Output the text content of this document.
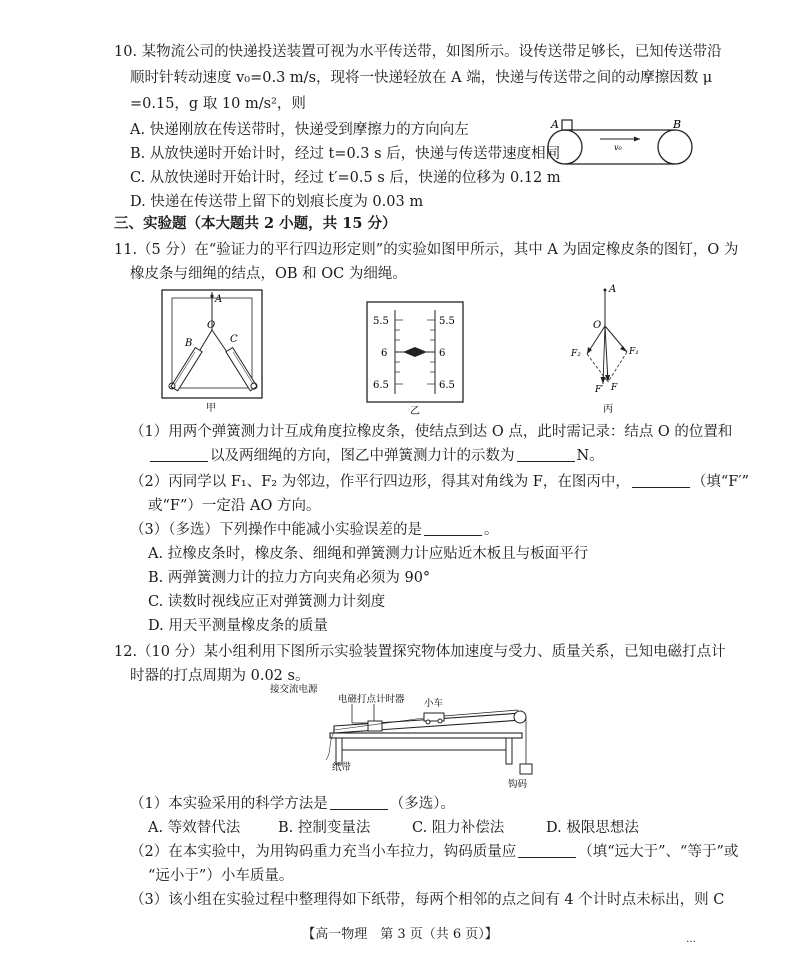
10. 某物流公司的快递投送装置可视为水平传送带，如图所示。设传送带足够长，已知传送带沿
顺时针转动速度 v₀=0.3 m/s，现将一快递轻放在 A 端，快递与传送带之间的动摩擦因数 μ
=0.15，g 取 10 m/s²，则
A. 快递刚放在传送带时，快递受到摩擦力的方向向左
B. 从放快递时开始计时，经过 t=0.3 s 后，快递与传送带速度相同
C. 从放快递时开始计时，经过 t′=0.5 s 后，快递的位移为 0.12 m
D. 快递在传送带上留下的划痕长度为 0.03 m
A	B
v₀
三、实验题（本大题共 2 小题，共 15 分）
11.（5 分）在“验证力的平行四边形定则”的实验如图甲所示，其中 A 为固定橡皮条的图钉，O 为
橡皮条与细绳的结点，OB 和 OC 为细绳。
A
O
B	C
甲
5.5	5.5
6	6
6.5	6.5
乙
A
O
F₂	F₁
F
F′
丙
（1）用两个弹簧测力计互成角度拉橡皮条，使结点到达 O 点，此时需记录：结点 O 的位置和
以及两细绳的方向，图乙中弹簧测力计的示数为	N。
（2）丙同学以 F₁、F₂ 为邻边，作平行四边形，得其对角线为 F，在图丙中，	（填“F′”
或“F”）一定沿 AO 方向。
（3）（多选）下列操作中能减小实验误差的是	。
A. 拉橡皮条时，橡皮条、细绳和弹簧测力计应贴近木板且与板面平行
B. 两弹簧测力计的拉力方向夹角必须为 90°
C. 读数时视线应正对弹簧测力计刻度
D. 用天平测量橡皮条的质量
12.（10 分）某小组利用下图所示实验装置探究物体加速度与受力、质量关系，已知电磁打点计
时器的打点周期为 0.02 s。
接交流电源
电磁打点计时器 小车
纸带
钩码
（1）本实验采用的科学方法是	（多选）。
A. 等效替代法	B. 控制变量法	C. 阻力补偿法	D. 极限思想法
（2）在本实验中，为用钩码重力充当小车拉力，钩码质量应	（填“远大于”、“等于”或
“远小于”）小车质量。
（3）该小组在实验过程中整理得如下纸带，每两个相邻的点之间有 4 个计时点未标出，则 C
【高一物理　第 3 页（共 6 页）】	…
